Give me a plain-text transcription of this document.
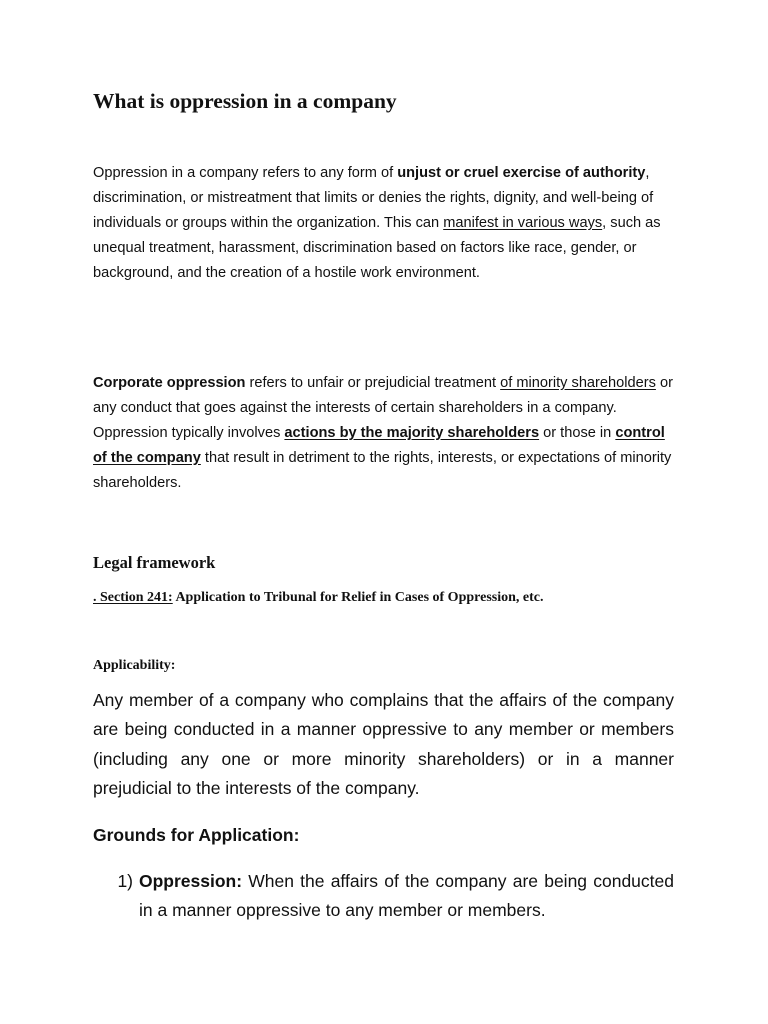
What is oppression in a company
Oppression in a company refers to any form of unjust or cruel exercise of authority, discrimination, or mistreatment that limits or denies the rights, dignity, and well-being of individuals or groups within the organization. This can manifest in various ways, such as unequal treatment, harassment, discrimination based on factors like race, gender, or background, and the creation of a hostile work environment.
Corporate oppression refers to unfair or prejudicial treatment of minority shareholders or any conduct that goes against the interests of certain shareholders in a company. Oppression typically involves actions by the majority shareholders or those in control of the company that result in detriment to the rights, interests, or expectations of minority shareholders.
Legal framework
. Section 241: Application to Tribunal for Relief in Cases of Oppression, etc.
Applicability:
Any member of a company who complains that the affairs of the company are being conducted in a manner oppressive to any member or members (including any one or more minority shareholders) or in a manner prejudicial to the interests of the company.
Grounds for Application:
1) Oppression: When the affairs of the company are being conducted in a manner oppressive to any member or members.
